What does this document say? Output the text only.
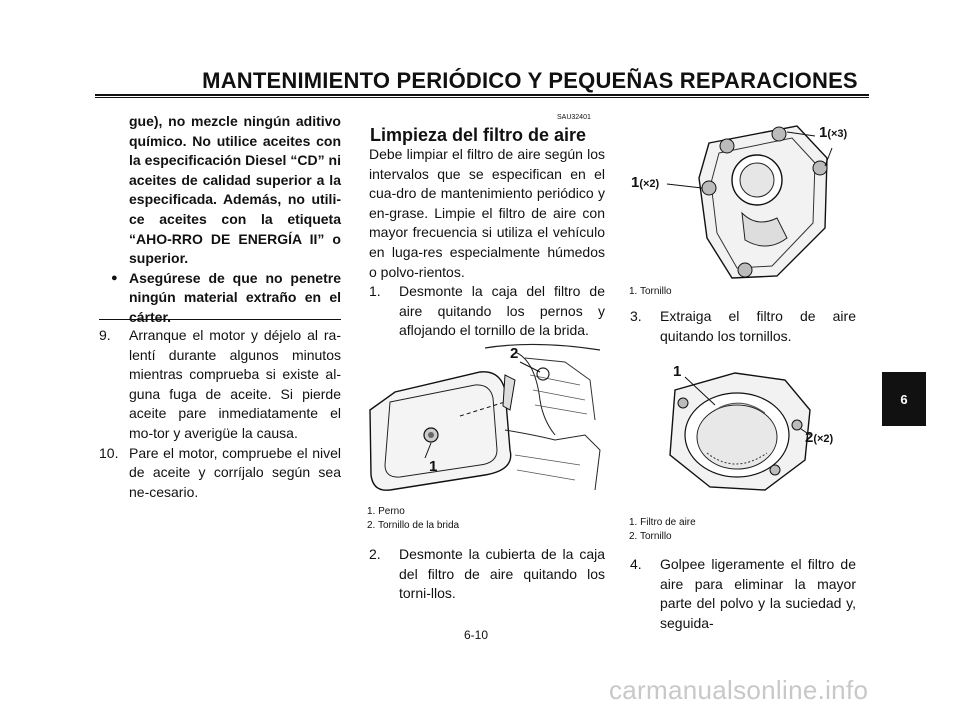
MANTENIMIENTO PERIÓDICO Y PEQUEÑAS REPARACIONES
6

gue), no mezcle ningún aditivo químico. No utilice aceites con la especificación Diesel “CD” ni aceites de calidad superior a la especificada. Además, no utili-ce aceites con la etiqueta “AHO-RRO DE ENERGÍA II” o superior.

● Asegúrese de que no penetre ningún material extraño en el cárter.

9.	Arranque el motor y déjelo al ra-lentí durante algunos minutos mientras comprueba si existe al-guna fuga de aceite. Si pierde aceite pare inmediatamente el mo-tor y averigüe la causa.

10. Pare el motor, compruebe el nivel de aceite y corríjalo según sea ne-cesario.

SAU32401
Limpieza del filtro de aire

Debe limpiar el filtro de aire según los intervalos que se especifican en el cua-dro de mantenimiento periódico y en-grase. Limpie el filtro de aire con mayor frecuencia si utiliza el vehículo en luga-res especialmente húmedos o polvo-rientos.

1.	Desmonte la caja del filtro de aire quitando los pernos y aflojando el tornillo de la brida.

2
1
1. Perno
2. Tornillo de la brida

2.	Desmonte la cubierta de la caja del filtro de aire quitando los torni-llos.

1(×3)
1(×2)
1. Tornillo

3.	Extraiga el filtro de aire quitando los tornillos.

1
2(×2)
1. Filtro de aire
2. Tornillo

4.	Golpee ligeramente el filtro de aire para eliminar la mayor parte del polvo y la suciedad y, seguida-

6-10
carmanualsonline.info
